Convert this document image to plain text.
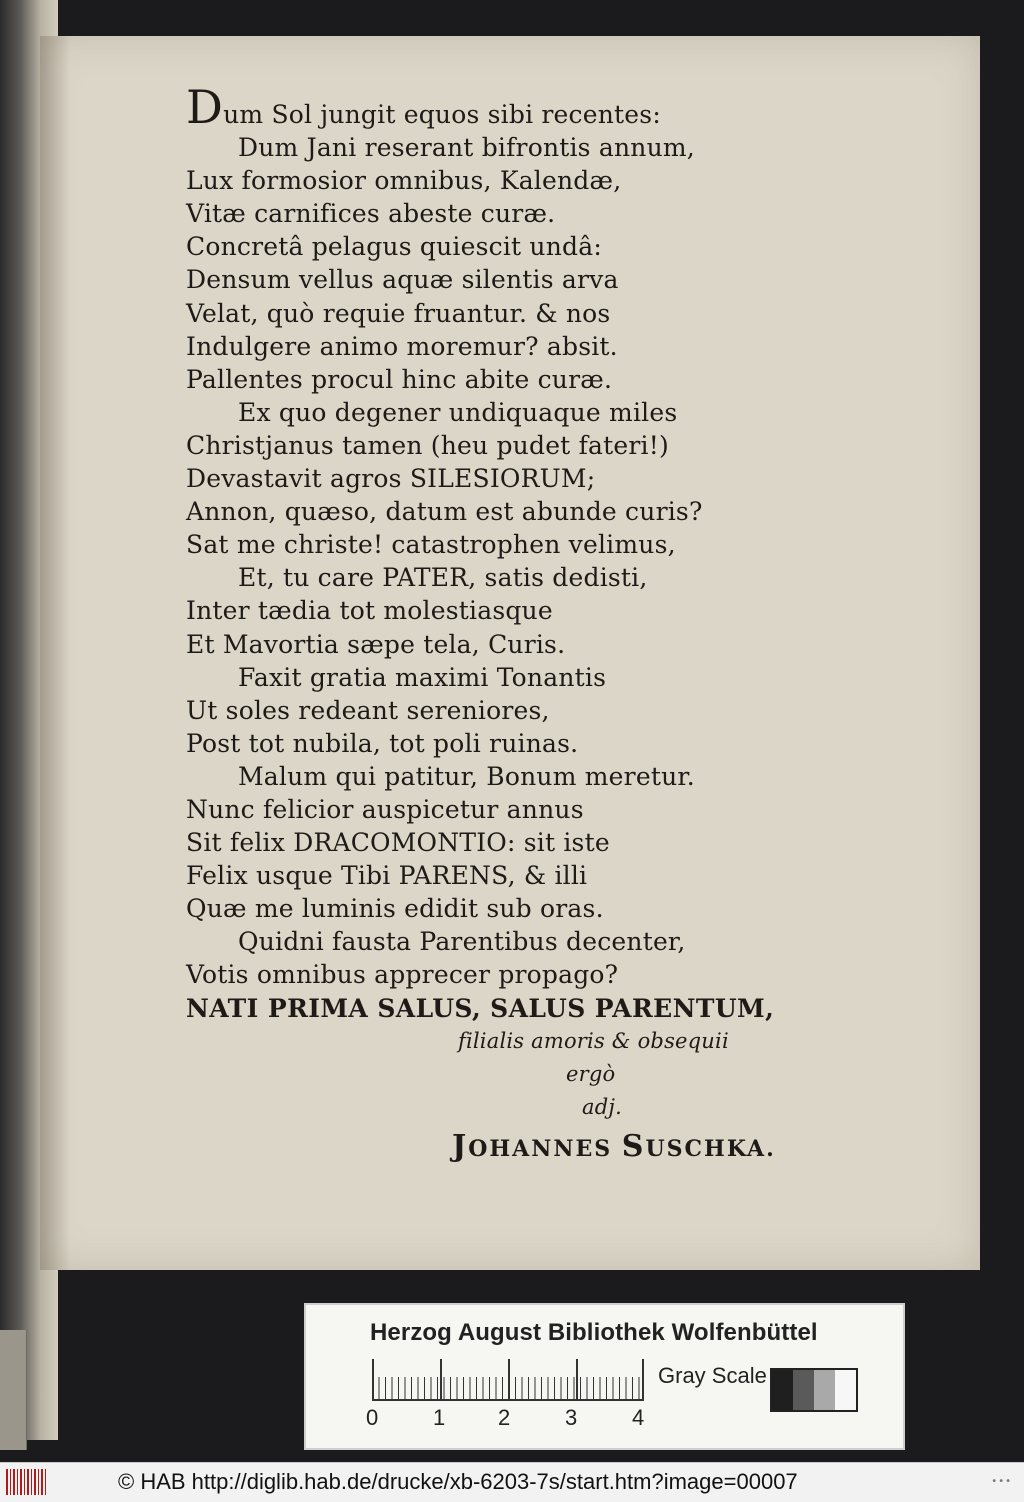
Dum Sol jungit equos sibi recentes:
Dum Jani reserant bifrontis annum,
Lux formosior omnibus, Kalendæ,
Vitæ carnifices abeste curæ.
Concretâ pelagus quiescit undâ:
Densum vellus aquæ silentis arva
Velat, quò requie fruantur. & nos
Indulgere animo moremur? absit.
Pallentes procul hinc abite curæ.
Ex quo degener undiquaque miles
Christjanus tamen (heu pudet fateri!)
Devastavit agros SILESIORUM;
Annon, quæso, datum est abunde curis?
Sat me christe! catastrophen velimus,
Et, tu care PATER, satis dedisti,
Inter tædia tot molestiasque
Et Mavortia sæpe tela, Curis.
Faxit gratia maximi Tonantis
Ut soles redeant sereniores,
Post tot nubila, tot poli ruinas.
Malum qui patitur, Bonum meretur.
Nunc felicior auspicetur annus
Sit felix DRACOMONTIO: sit iste
Felix usque Tibi PARENS, & illi
Quæ me luminis edidit sub oras.
Quidni fausta Parentibus decenter,
Votis omnibus apprecer propago?
NATI PRIMA SALUS, SALUS PARENTUM,
filialis amoris & obsequii
ergò
adj.
JOHANNES SUSCHKA.
Herzog August Bibliothek Wolfenbüttel
0 1 2 3 4
Gray Scale
© HAB http://diglib.hab.de/drucke/xb-6203-7s/start.htm?image=00007	•••
